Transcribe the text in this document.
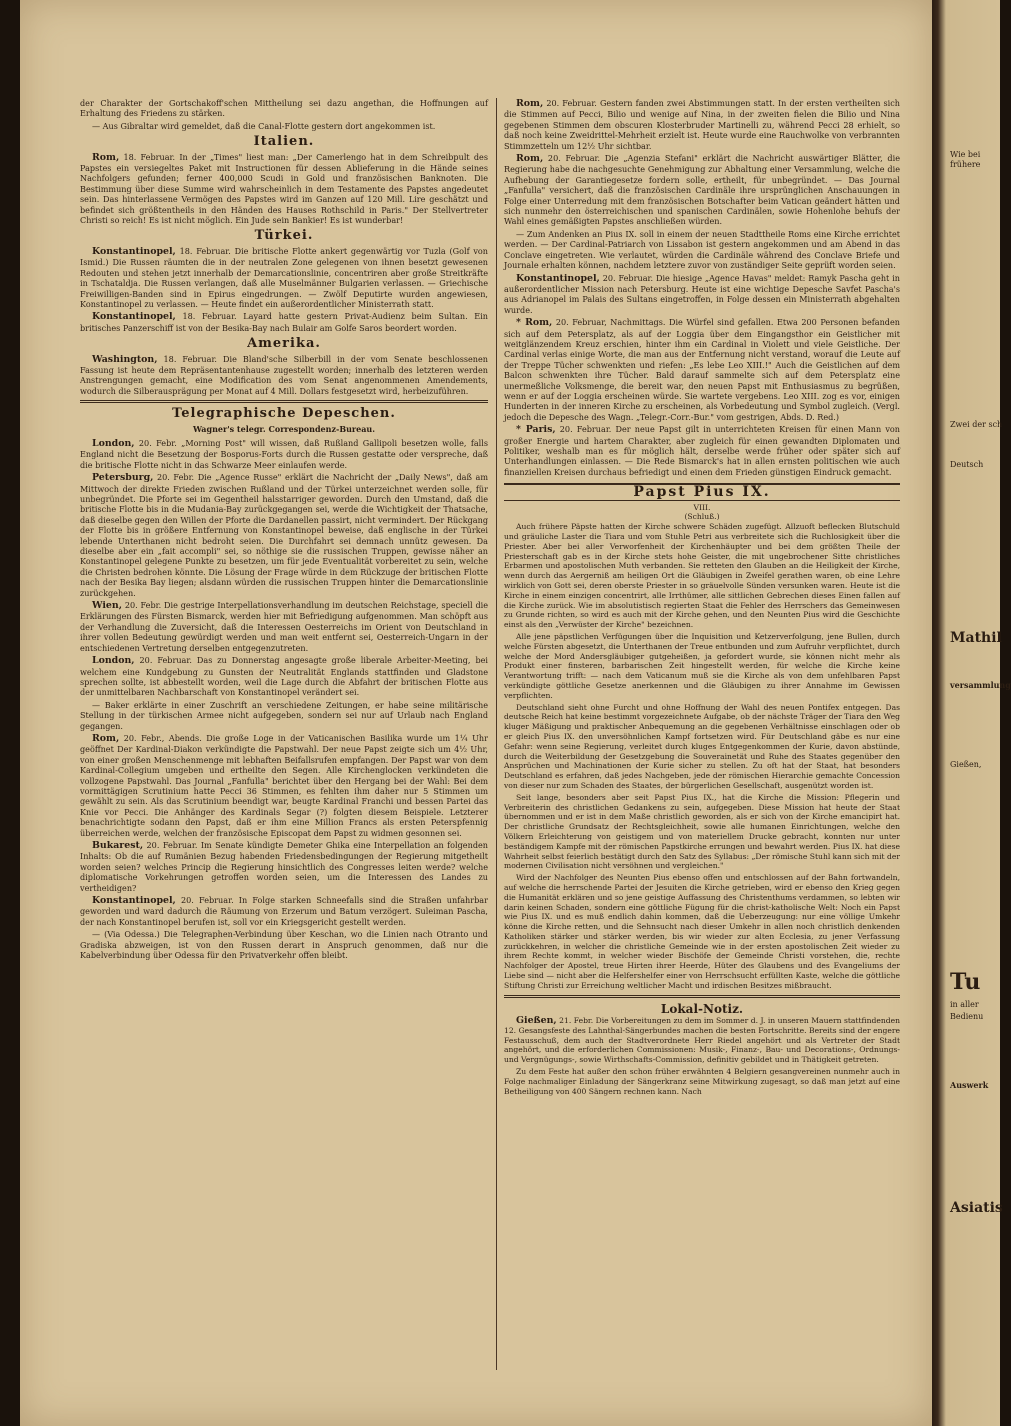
der Charakter der Gortschakoff'schen Mittheilung sei dazu angethan, die Hoffnungen auf Erhaltung des Friedens zu stärken.

— Aus Gibraltar wird gemeldet, daß die Canal-Flotte gestern dort angekommen ist.

Italien.

Rom, 18. Februar. In der „Times" liest man: „Der Camerlengo hat in dem Schreibpult des Papstes ein versiegeltes Paket mit Instructionen für dessen Ablieferung in die Hände seines Nachfolgers gefunden; ferner 400,000 Scudi in Gold und französischen Banknoten. Die Bestimmung über diese Summe wird wahrscheinlich in dem Testamente des Papstes angedeutet sein. Das hinterlassene Vermögen des Papstes wird im Ganzen auf 120 Mill. Lire geschätzt und befindet sich größtentheils in den Händen des Hauses Rothschild in Paris." Der Stellvertreter Christi so reich! Es ist nicht möglich. Ein Jude sein Bankier! Es ist wunderbar!

Türkei.

Konstantinopel, 18. Februar. Die britische Flotte ankert gegenwärtig vor Tuzla (Golf von Ismid.) Die Russen räumten die in der neutralen Zone gelegenen von ihnen besetzt gewesenen Redouten und stehen jetzt innerhalb der Demarcationslinie, concentriren aber große Streitkräfte in Tschataldja. Die Russen verlangen, daß alle Muselmänner Bulgarien verlassen. — Griechische Freiwilligen-Banden sind in Epirus eingedrungen. — Zwölf Deputirte wurden angewiesen, Konstantinopel zu verlassen. — Heute findet ein außerordentlicher Ministerrath statt.

Konstantinopel, 18. Februar. Layard hatte gestern Privat-Audienz beim Sultan. Ein britisches Panzerschiff ist von der Besika-Bay nach Bulair am Golfe Saros beordert worden.

Amerika.

Washington, 18. Februar. Die Bland'sche Silberbill in der vom Senate beschlossenen Fassung ist heute dem Repräsentantenhause zugestellt worden; innerhalb des letzteren werden Anstrengungen gemacht, eine Modification des vom Senat angenommenen Amendements, wodurch die Silberausprägung per Monat auf 4 Mill. Dollars festgesetzt wird, herbeizuführen.

Telegraphische Depeschen.
Wagner's telegr. Correspondenz-Bureau.

London, 20. Febr. „Morning Post" will wissen, daß Rußland Gallipoli besetzen wolle, falls England nicht die Besetzung der Bosporus-Forts durch die Russen gestatte oder verspreche, daß die britische Flotte nicht in das Schwarze Meer einlaufen werde.

Petersburg, 20. Febr. Die „Agence Russe" erklärt die Nachricht der „Daily News", daß am Mittwoch der direkte Frieden zwischen Rußland und der Türkei unterzeichnet werden solle, für unbegründet. Die Pforte sei im Gegentheil halsstarriger geworden. Durch den Umstand, daß die britische Flotte bis in die Mudania-Bay zurückgegangen sei, werde die Wichtigkeit der Thatsache, daß dieselbe gegen den Willen der Pforte die Dardanellen passirt, nicht vermindert. Der Rückgang der Flotte bis in größere Entfernung von Konstantinopel beweise, daß englische in der Türkei lebende Unterthanen nicht bedroht seien. Die Durchfahrt sei demnach unnütz gewesen. Da dieselbe aber ein „fait accompli" sei, so nöthige sie die russischen Truppen, gewisse näher an Konstantinopel gelegene Punkte zu besetzen, um für jede Eventualität vorbereitet zu sein, welche die Christen bedrohen könnte. Die Lösung der Frage würde in dem Rückzuge der britischen Flotte nach der Besika Bay liegen; alsdann würden die russischen Truppen hinter die Demarcationslinie zurückgehen.

Wien, 20. Febr. Die gestrige Interpellationsverhandlung im deutschen Reichstage, speciell die Erklärungen des Fürsten Bismarck, werden hier mit Befriedigung aufgenommen. Man schöpft aus der Verhandlung die Zuversicht, daß die Interessen Oesterreichs im Orient von Deutschland in ihrer vollen Bedeutung gewürdigt werden und man weit entfernt sei, Oesterreich-Ungarn in der entschiedenen Vertretung derselben entgegenzutreten.

London, 20. Februar. Das zu Donnerstag angesagte große liberale Arbeiter-Meeting, bei welchem eine Kundgebung zu Gunsten der Neutralität Englands stattfinden und Gladstone sprechen sollte, ist abbestellt worden, weil die Lage durch die Abfahrt der britischen Flotte aus der unmittelbaren Nachbarschaft von Konstantinopel verändert sei.

— Baker erklärte in einer Zuschrift an verschiedene Zeitungen, er habe seine militärische Stellung in der türkischen Armee nicht aufgegeben, sondern sei nur auf Urlaub nach England gegangen.

Rom, 20. Febr., Abends. Die große Loge in der Vaticanischen Basilika wurde um 1¼ Uhr geöffnet Der Kardinal-Diakon verkündigte die Papstwahl. Der neue Papst zeigte sich um 4½ Uhr, von einer großen Menschenmenge mit lebhaften Beifallsrufen empfangen. Der Papst war von dem Kardinal-Collegium umgeben und ertheilte den Segen. Alle Kirchenglocken verkündeten die vollzogene Papstwahl. Das Journal „Fanfulla" berichtet über den Hergang bei der Wahl: Bei dem vormittägigen Scrutinium hatte Pecci 36 Stimmen, es fehlten ihm daher nur 5 Stimmen um gewählt zu sein. Als das Scrutinium beendigt war, beugte Kardinal Franchi und bessen Partei das Knie vor Pecci. Die Anhänger des Kardinals Segar (?) folgten diesem Beispiele. Letzterer benachrichtigte sodann den Papst, daß er ihm eine Million Francs als ersten Peterspfennig überreichen werde, welchen der französische Episcopat dem Papst zu widmen gesonnen sei.

Bukarest, 20. Februar. Im Senate kündigte Demeter Ghika eine Interpellation an folgenden Inhalts: Ob die auf Rumänien Bezug habenden Friedensbedingungen der Regierung mitgetheilt worden seien? welches Princip die Regierung hinsichtlich des Congresses leiten werde? welche diplomatische Vorkehrungen getroffen worden seien, um die Interessen des Landes zu vertheidigen?

Konstantinopel, 20. Februar. In Folge starken Schneefalls sind die Straßen unfahrbar geworden und ward dadurch die Räumung von Erzerum und Batum verzögert. Suleiman Pascha, der nach Konstantinopel berufen ist, soll vor ein Kriegsgericht gestellt werden.

— (Via Odessa.) Die Telegraphen-Verbindung über Keschan, wo die Linien nach Otranto und Gradiska abzweigen, ist von den Russen derart in Anspruch genommen, daß nur die Kabelverbindung über Odessa für den Privatverkehr offen bleibt.

Rom, 20. Februar. Gestern fanden zwei Abstimmungen statt. In der ersten vertheilten sich die Stimmen auf Pecci, Bilio und wenige auf Nina, in der zweiten fielen die Bilio und Nina gegebenen Stimmen dem obscuren Klosterbruder Martinelli zu, während Pecci 28 erhielt, so daß noch keine Zweidrittel-Mehrheit erzielt ist. Heute wurde eine Rauchwolke von verbrannten Stimmzetteln um 12½ Uhr sichtbar.

Rom, 20. Februar. Die „Agenzia Stefani" erklärt die Nachricht auswärtiger Blätter, die Regierung habe die nachgesuchte Genehmigung zur Abhaltung einer Versammlung, welche die Aufhebung der Garantiegesetze fordern solle, ertheilt, für unbegründet. — Das Journal „Fanfulla" versichert, daß die französischen Cardinäle ihre ursprünglichen Anschauungen in Folge einer Unterredung mit dem französischen Botschafter beim Vatican geändert hätten und sich nunmehr den österreichischen und spanischen Cardinälen, sowie Hohenlohe behufs der Wahl eines gemäßigten Papstes anschließen würden.

— Zum Andenken an Pius IX. soll in einem der neuen Stadttheile Roms eine Kirche errichtet werden. — Der Cardinal-Patriarch von Lissabon ist gestern angekommen und am Abend in das Conclave eingetreten. Wie verlautet, würden die Cardinäle während des Conclave Briefe und Journale erhalten können, nachdem letztere zuvor von zuständiger Seite geprüft worden seien.

Konstantinopel, 20. Februar. Die hiesige „Agence Havas" meldet: Ramyk Pascha geht in außerordentlicher Mission nach Petersburg. Heute ist eine wichtige Depesche Savfet Pascha's aus Adrianopel im Palais des Sultans eingetroffen, in Folge dessen ein Ministerrath abgehalten wurde.

* Rom, 20. Februar, Nachmittags. Die Würfel sind gefallen. Etwa 200 Personen befanden sich auf dem Petersplatz, als auf der Loggia über dem Eingangsthor ein Geistlicher mit weitglänzendem Kreuz erschien, hinter ihm ein Cardinal in Violett und viele Geistliche. Der Cardinal verlas einige Worte, die man aus der Entfernung nicht verstand, worauf die Leute auf der Treppe Tücher schwenkten und riefen: „Es lebe Leo XIII.!" Auch die Geistlichen auf dem Balcon schwenkten ihre Tücher. Bald darauf sammelte sich auf dem Petersplatz eine unermeßliche Volksmenge, die bereit war, den neuen Papst mit Enthusiasmus zu begrüßen, wenn er auf der Loggia erscheinen würde. Sie wartete vergebens. Leo XIII. zog es vor, einigen Hunderten in der inneren Kirche zu erscheinen, als Vorbedeutung und Symbol zugleich. (Vergl. jedoch die Depesche des Wagn. „Telegr.-Corr.-Bur." vom gestrigen, Abds. D. Red.)

* Paris, 20. Februar. Der neue Papst gilt in unterrichteten Kreisen für einen Mann von großer Energie und hartem Charakter, aber zugleich für einen gewandten Diplomaten und Politiker, weshalb man es für möglich hält, derselbe werde früher oder später sich auf Unterhandlungen einlassen. — Die Rede Bismarck's hat in allen ernsten politischen wie auch finanziellen Kreisen durchaus befriedigt und einen dem Frieden günstigen Eindruck gemacht.

Papst Pius IX.
VIII.
(Schluß.)

Auch frühere Päpste hatten der Kirche schwere Schäden zugefügt. Allzuoft beflecken Blutschuld und gräuliche Laster die Tiara und vom Stuhle Petri aus verbreitete sich die Ruchlosigkeit über die Priester. Aber bei aller Verworfenheit der Kirchenhäupter und bei dem größten Theile der Priesterschaft gab es in der Kirche stets hohe Geister, die mit ungebrochener Sitte christliches Erbarmen und apostolischen Muth verbanden. Sie retteten den Glauben an die Heiligkeit der Kirche, wenn durch das Aergerniß am heiligen Ort die Gläubigen in Zweifel gerathen waren, ob eine Lehre wirklich von Gott sei, deren oberste Priester in so gräuelvolle Sünden versunken waren. Heute ist die Kirche in einem einzigen concentrirt, alle Irrthümer, alle sittlichen Gebrechen dieses Einen fallen auf die Kirche zurück. Wie im absolutistisch regierten Staat die Fehler des Herrschers das Gemeinwesen zu Grunde richten, so wird es auch mit der Kirche gehen, und den Neunten Pius wird die Geschichte einst als den „Verwüster der Kirche" bezeichnen.

Alle jene päpstlichen Verfügungen über die Inquisition und Ketzerverfolgung, jene Bullen, durch welche Fürsten abgesetzt, die Unterthanen der Treue entbunden und zum Aufruhr verpflichtet, durch welche der Mord Andersgläubiger gutgeheißen, ja gefordert wurde, sie können nicht mehr als Produkt einer finsteren, barbarischen Zeit hingestellt werden, für welche die Kirche keine Verantwortung trifft: — nach dem Vaticanum muß sie die Kirche als von dem unfehlbaren Papst verkündigte göttliche Gesetze anerkennen und die Gläubigen zu ihrer Annahme im Gewissen verpflichten.

Deutschland sieht ohne Furcht und ohne Hoffnung der Wahl des neuen Pontifex entgegen. Das deutsche Reich hat keine bestimmt vorgezeichnete Aufgabe, ob der nächste Träger der Tiara den Weg kluger Mäßigung und praktischer Anbequemung an die gegebenen Verhältnisse einschlagen oder ob er gleich Pius IX. den unversöhnlichen Kampf fortsetzen wird. Für Deutschland gäbe es nur eine Gefahr: wenn seine Regierung, verleitet durch kluges Entgegenkommen der Kurie, davon abstünde, durch die Weiterbildung der Gesetzgebung die Souverainetät und Ruhe des Staates gegenüber den Ansprüchen und Machinationen der Kurie sicher zu stellen. Zu oft hat der Staat, hat besonders Deutschland es erfahren, daß jedes Nachgeben, jede der römischen Hierarchie gemachte Concession von dieser nur zum Schaden des Staates, der bürgerlichen Gesellschaft, ausgenützt worden ist.

Seit lange, besonders aber seit Papst Pius IX., hat die Kirche die Mission: Pflegerin und Verbreiterin des christlichen Gedankens zu sein, aufgegeben. Diese Mission hat heute der Staat übernommen und er ist in dem Maße christlich geworden, als er sich von der Kirche emancipirt hat. Der christliche Grundsatz der Rechtsgleichheit, sowie alle humanen Einrichtungen, welche den Völkern Erleichterung von geistigem und von materiellem Drucke gebracht, konnten nur unter beständigem Kampfe mit der römischen Papstkirche errungen und bewahrt werden. Pius IX. hat diese Wahrheit selbst feierlich bestätigt durch den Satz des Syllabus: „Der römische Stuhl kann sich mit der modernen Civilisation nicht versöhnen und vergleichen."

Wird der Nachfolger des Neunten Pius ebenso offen und entschlossen auf der Bahn fortwandeln, auf welche die herrschende Partei der Jesuiten die Kirche getrieben, wird er ebenso den Krieg gegen die Humanität erklären und so jene geistige Auffassung des Christenthums verdammen, so lebten wir darin keinen Schaden, sondern eine göttliche Fügung für die christ-katholische Welt: Noch ein Papst wie Pius IX. und es muß endlich dahin kommen, daß die Ueberzeugung: nur eine völlige Umkehr könne die Kirche retten, und die Sehnsucht nach dieser Umkehr in allen noch christlich denkenden Katholiken stärker und stärker werden, bis wir wieder zur alten Ecclesia, zu jener Verfassung zurückkehren, in welcher die christliche Gemeinde wie in der ersten apostolischen Zeit wieder zu ihrem Rechte kommt, in welcher wieder Bischöfe der Gemeinde Christi vorstehen, die, rechte Nachfolger der Apostel, treue Hirten ihrer Heerde, Hüter des Glaubens und des Evangeliums der Liebe sind — nicht aber die Helfershelfer einer von Herrschsucht erfüllten Kaste, welche die göttliche Stiftung Christi zur Erreichung weltlicher Macht und irdischen Besitzes mißbraucht.

Lokal-Notiz.

Gießen, 21. Febr. Die Vorbereitungen zu dem im Sommer d. J. in unseren Mauern stattfindenden 12. Gesangsfeste des Lahnthal-Sängerbundes machen die besten Fortschritte. Bereits sind der engere Festausschuß, dem auch der Stadtverordnete Herr Riedel angehört und als Vertreter der Stadt angehört, und die erforderlichen Commissionen: Musik-, Finanz-, Bau- und Decorations-, Ordnungs- und Vergnügungs-, sowie Wirthschafts-Commission, definitiv gebildet und in Thätigkeit getreten.

Zu dem Feste hat außer den schon früher erwähnten 4 Belgiern gesangvereinen nunmehr auch in Folge nachmaliger Einladung der Sängerkranz seine Mitwirkung zugesagt, so daß man jetzt auf eine Betheiligung von 400 Sängern rechnen kann. Nach

Wie bei frühere
Zwei der sch
Deutsch
Mathil
versammlung
Gießen,
Tu
in aller
Bedienu
Auswerk
Asiatis
